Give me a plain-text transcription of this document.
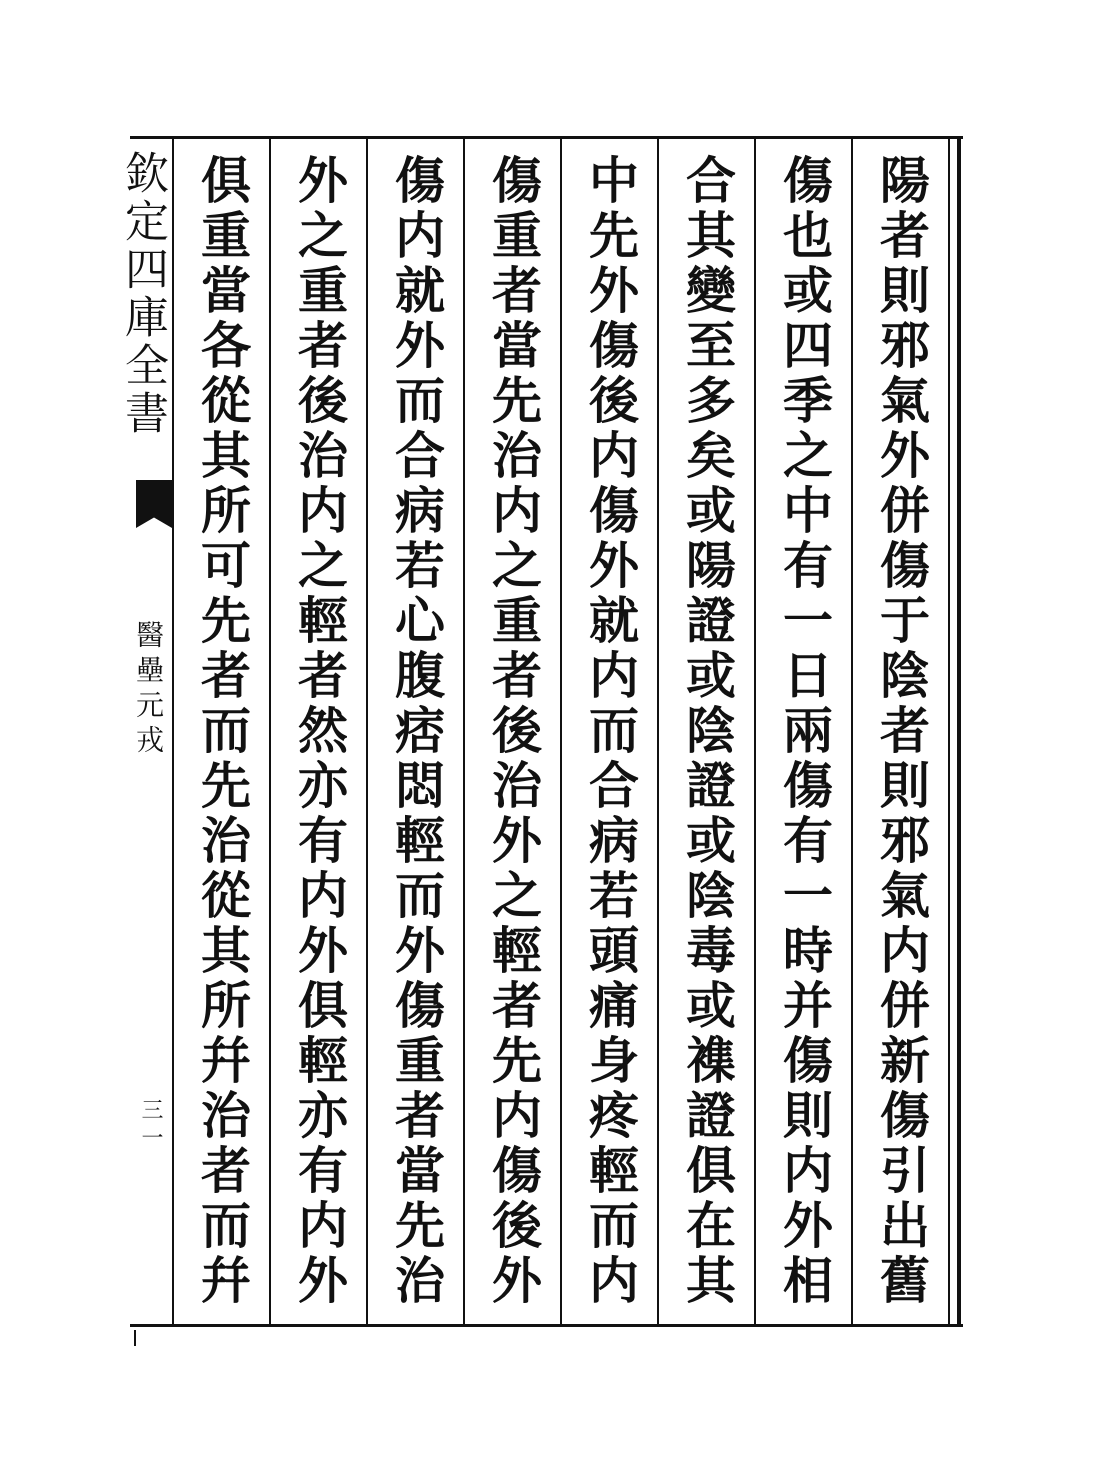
欽定四庫全書
醫壘元戎
三一	陽者則邪氣外併傷于陰者則邪氣内併新傷引出舊
傷也或四季之中有一日兩傷有一時并傷則内外相
合其變至多矣或陽證或陰證或陰毒或襍證俱在其
中先外傷後内傷外就内而合病若頭痛身疼輕而内
傷重者當先治内之重者後治外之輕者先内傷後外
傷内就外而合病若心腹痞悶輕而外傷重者當先治
外之重者後治内之輕者然亦有内外俱輕亦有内外
俱重當各從其所可先者而先治從其所幷治者而幷
